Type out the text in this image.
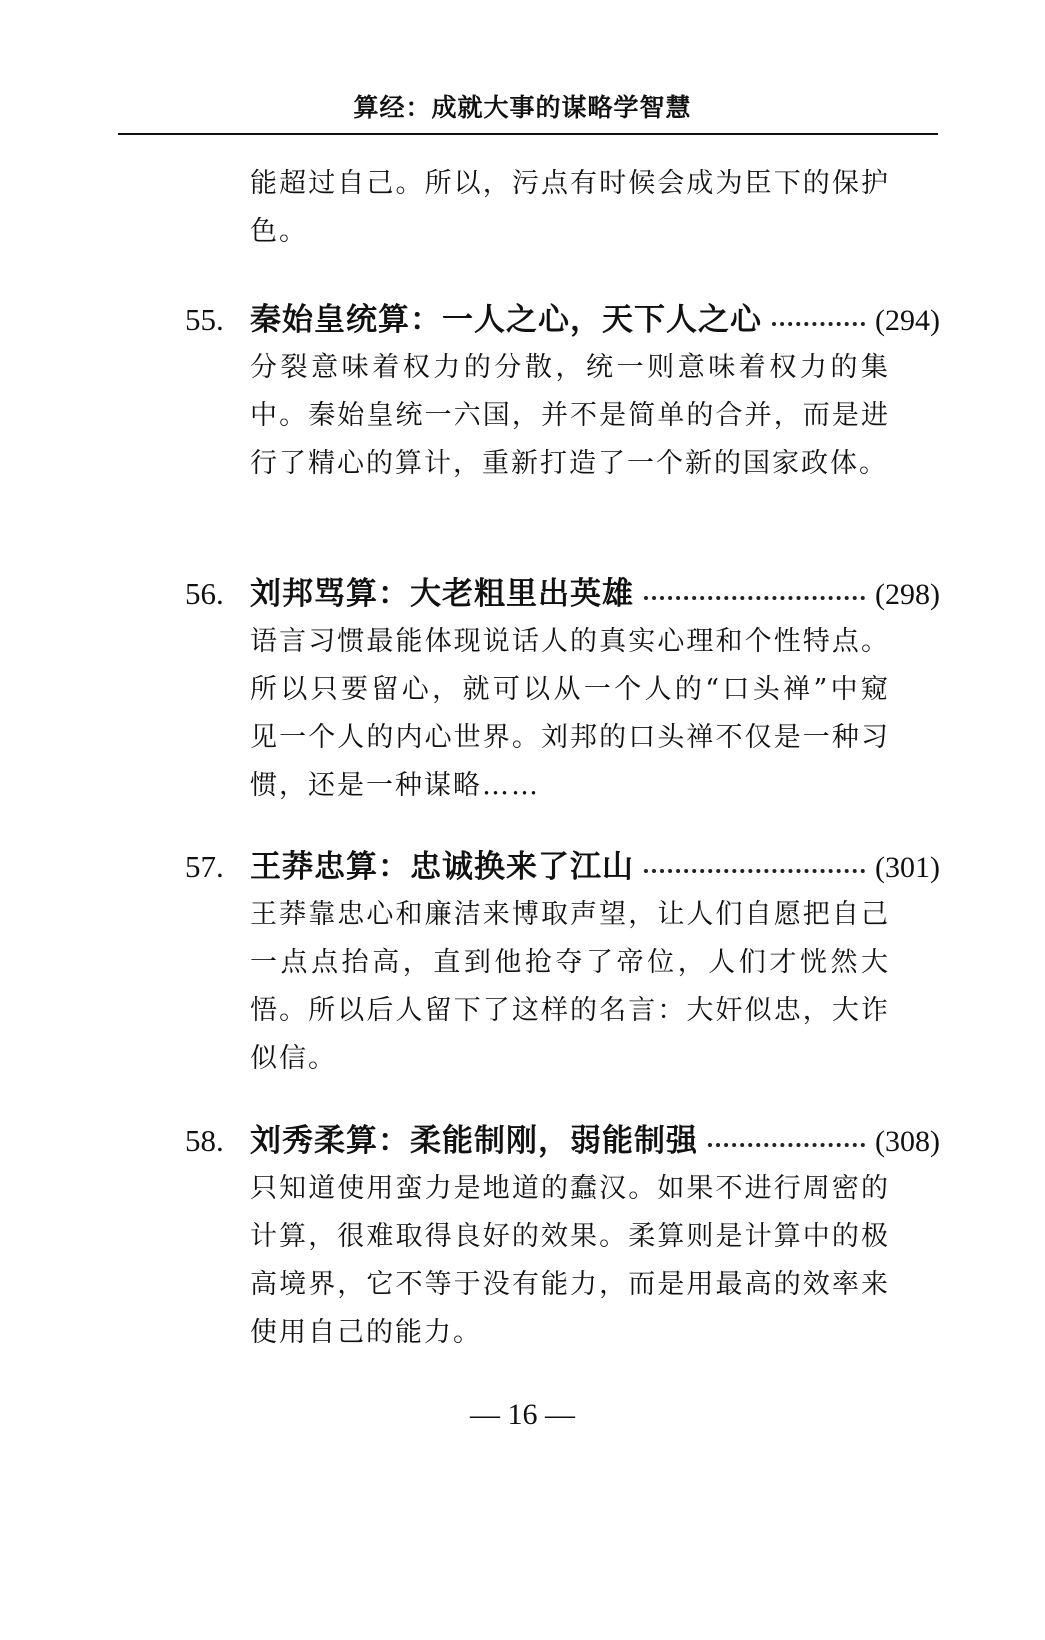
算经：成就大事的谋略学智慧
能超过自己。所以，污点有时候会成为臣下的保护色。
55. 秦始皇统算：一人之心，天下人之心	(294)
分裂意味着权力的分散，统一则意味着权力的集中。秦始皇统一六国，并不是简单的合并，而是进行了精心的算计，重新打造了一个新的国家政体。
56. 刘邦骂算：大老粗里出英雄	(298)
语言习惯最能体现说话人的真实心理和个性特点。所以只要留心，就可以从一个人的“口头禅”中窥见一个人的内心世界。刘邦的口头禅不仅是一种习惯，还是一种谋略……
57. 王莽忠算：忠诚换来了江山	(301)
王莽靠忠心和廉洁来博取声望，让人们自愿把自己一点点抬高，直到他抢夺了帝位，人们才恍然大悟。所以后人留下了这样的名言：大奸似忠，大诈似信。
58. 刘秀柔算：柔能制刚，弱能制强	(308)
只知道使用蛮力是地道的蠢汉。如果不进行周密的计算，很难取得良好的效果。柔算则是计算中的极高境界，它不等于没有能力，而是用最高的效率来使用自己的能力。
— 16 —
